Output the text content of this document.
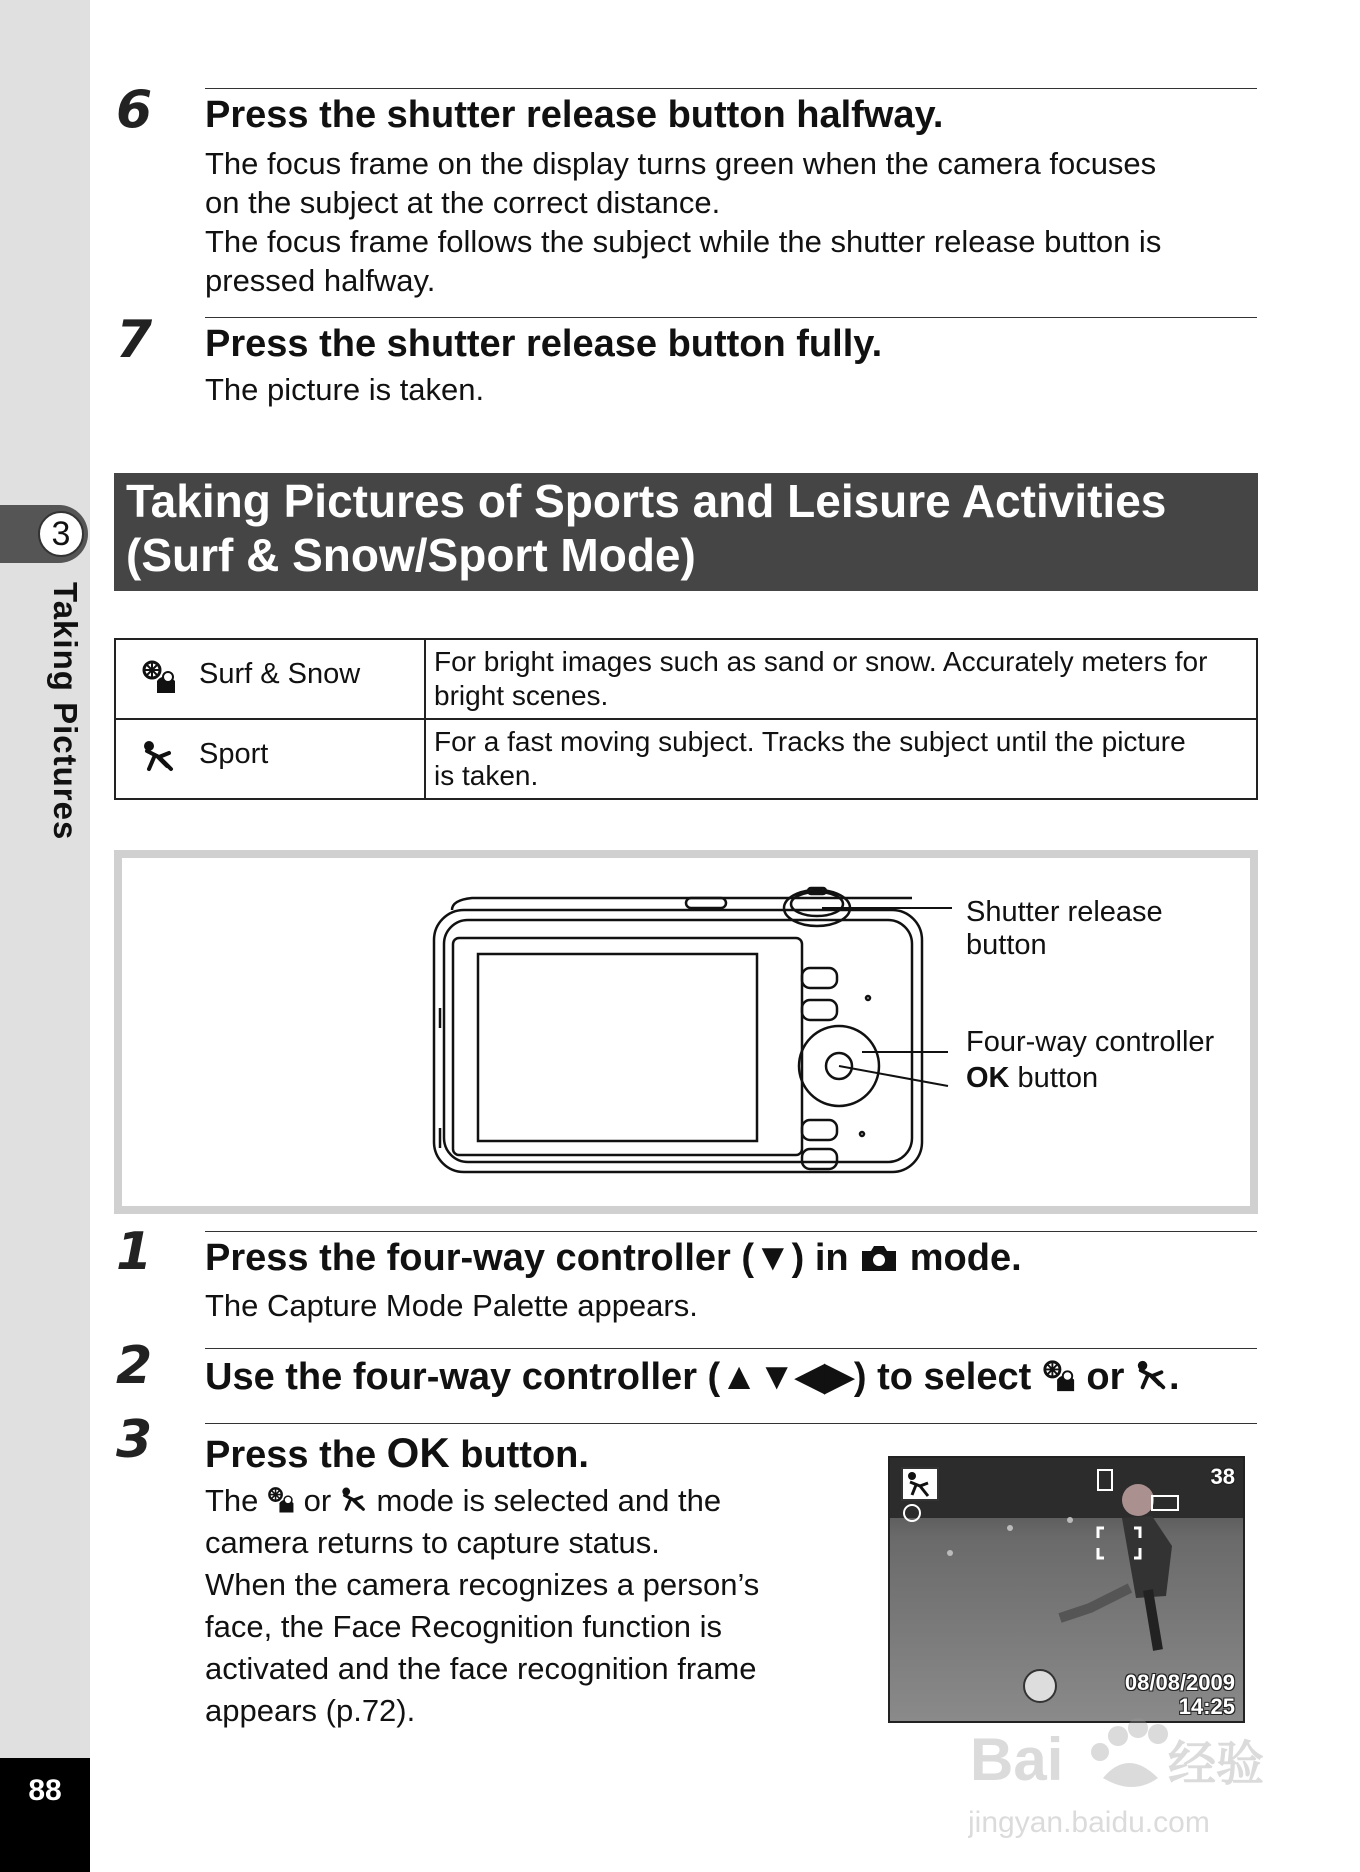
3
Taking Pictures
88
6 Press the shutter release button halfway.
The focus frame on the display turns green when the camera focuses
on the subject at the correct distance.
The focus frame follows the subject while the shutter release button is
pressed halfway.
7 Press the shutter release button fully.
The picture is taken.
Taking Pictures of Sports and Leisure Activities
(Surf & Snow/Sport Mode)
Surf & Snow	For bright images such as sand or snow. Accurately meters for
bright scenes.

Sport	For a fast moving subject. Tracks the subject until the picture
is taken.
Shutter release
button
Four-way controller
OK button
1 Press the four-way controller (▼) in  mode.
The Capture Mode Palette appears.
2 Use the four-way controller (▲▼◀▶) to select  or .
3 Press the OK button.
The  or  mode is selected and the
camera returns to capture status.
When the camera recognizes a person’s
face, the Face Recognition function is
activated and the face recognition frame
appears (p.72).
38
08/08/2009
14:25
Bai 经验
jingyan.baidu.com
